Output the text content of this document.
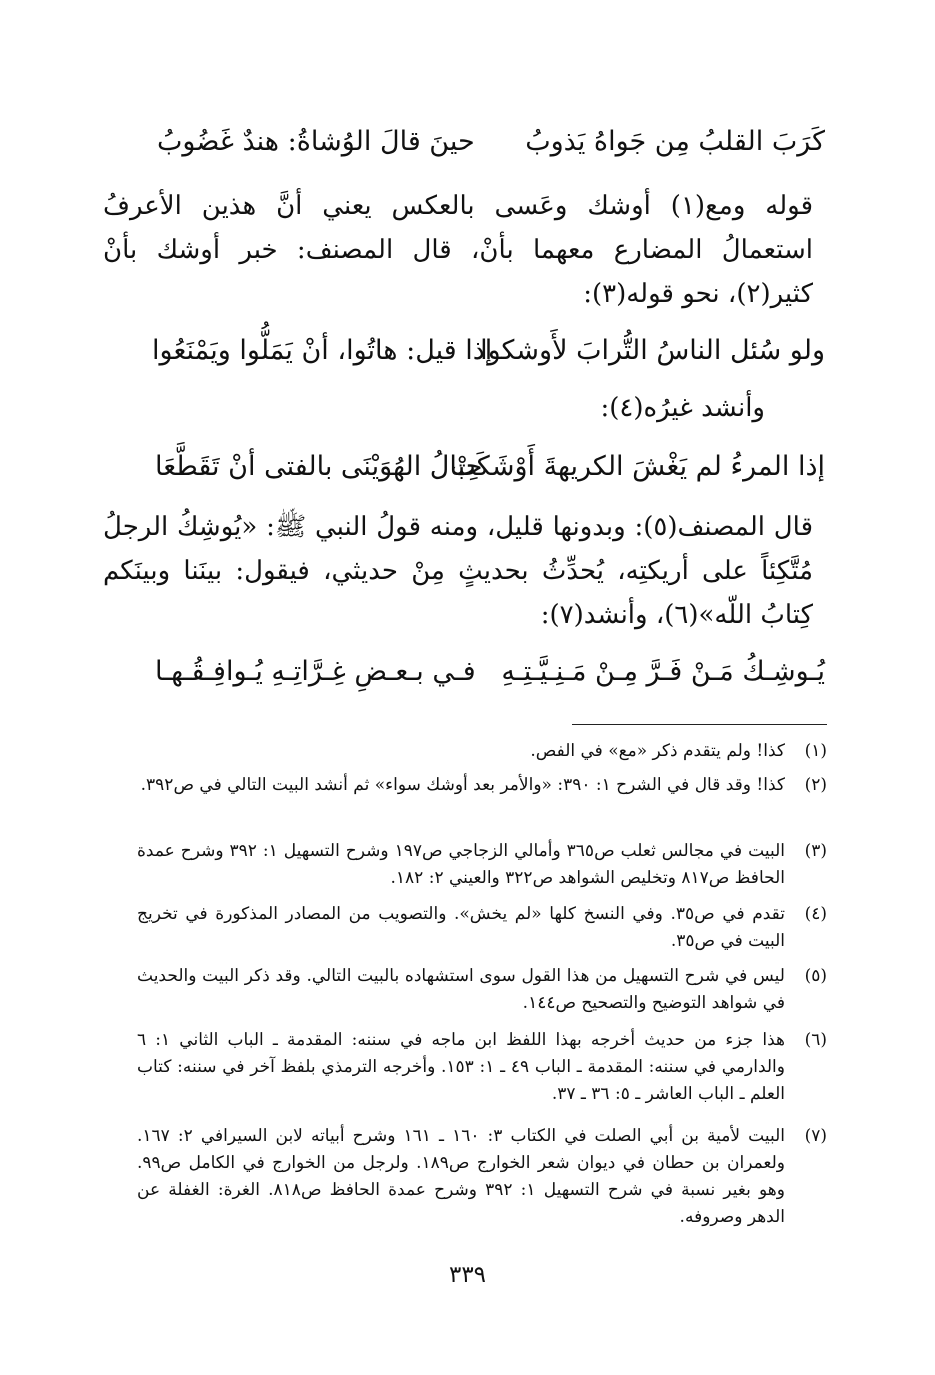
كَرَبَ القلبُ مِن جَواهُ يَذوبُ
حينَ قالَ الوُشاةُ: هندٌ غَضُوبُ
قوله ومع(١) أوشك وعَسى بالعكس يعني أنَّ هذين الأعرفُ استعمالُ المضارع معهما بأنْ، قال المصنف: خبر أوشك بأنْ كثير(٢)، نحو قوله(٣):
ولو سُئل الناسُ التُّرابَ لأَوشكوا
إذا قيل: هاتُوا، أنْ يَمَلُّوا ويَمْنَعُوا
وأنشد غيرُه(٤):
إذا المرءُ لم يَغْشَ الكريهةَ أَوْشَكَتْ
حِبالُ الهُوَيْنَى بالفتى أنْ تَقَطَّعَا
قال المصنف(٥): وبدونها قليل، ومنه قولُ النبي ﷺ: «يُوشِكُ الرجلُ مُتَّكِئاً على أريكتِه، يُحدِّثُ بحديثٍ مِنْ حديثي، فيقول: بينَنا وبينَكم كِتابُ اللّه»(٦)، وأنشد(٧):
يُـوشِـكُ مَـنْ فَـرَّ مِـنْ مَـنِـيَّـتِـهِ
فـي بـعـضِ غِـرَّاتِـهِ يُـوافِـقُـهـا
(١)
كذا! ولم يتقدم ذكر «مع» في الفص.
(٢)
كذا! وقد قال في الشرح ١: ٣٩٠: «والأمر بعد أوشك سواء» ثم أنشد البيت التالي في ص٣٩٢.
(٣)
البيت في مجالس ثعلب ص٣٦٥ وأمالي الزجاجي ص١٩٧ وشرح التسهيل ١: ٣٩٢ وشرح عمدة الحافظ ص٨١٧ وتخليص الشواهد ص٣٢٢ والعيني ٢: ١٨٢.
(٤)
تقدم في ص٣٥. وفي النسخ كلها «لم يخش». والتصويب من المصادر المذكورة في تخريج البيت في ص٣٥.
(٥)
ليس في شرح التسهيل من هذا القول سوى استشهاده بالبيت التالي. وقد ذكر البيت والحديث في شواهد التوضيح والتصحيح ص١٤٤.
(٦)
هذا جزء من حديث أخرجه بهذا اللفظ ابن ماجه في سننه: المقدمة ـ الباب الثاني ١: ٦ والدارمي في سننه: المقدمة ـ الباب ٤٩ ـ ١: ١٥٣. وأخرجه الترمذي بلفظ آخر في سننه: كتاب العلم ـ الباب العاشر ـ ٥: ٣٦ ـ ٣٧.
(٧)
البيت لأمية بن أبي الصلت في الكتاب ٣: ١٦٠ ـ ١٦١ وشرح أبياته لابن السيرافي ٢: ١٦٧. ولعمران بن حطان في ديوان شعر الخوارج ص١٨٩. ولرجل من الخوارج في الكامل ص٩٩. وهو بغير نسبة في شرح التسهيل ١: ٣٩٢ وشرح عمدة الحافظ ص٨١٨. الغرة: الغفلة عن الدهر وصروفه.
٣٣٩
